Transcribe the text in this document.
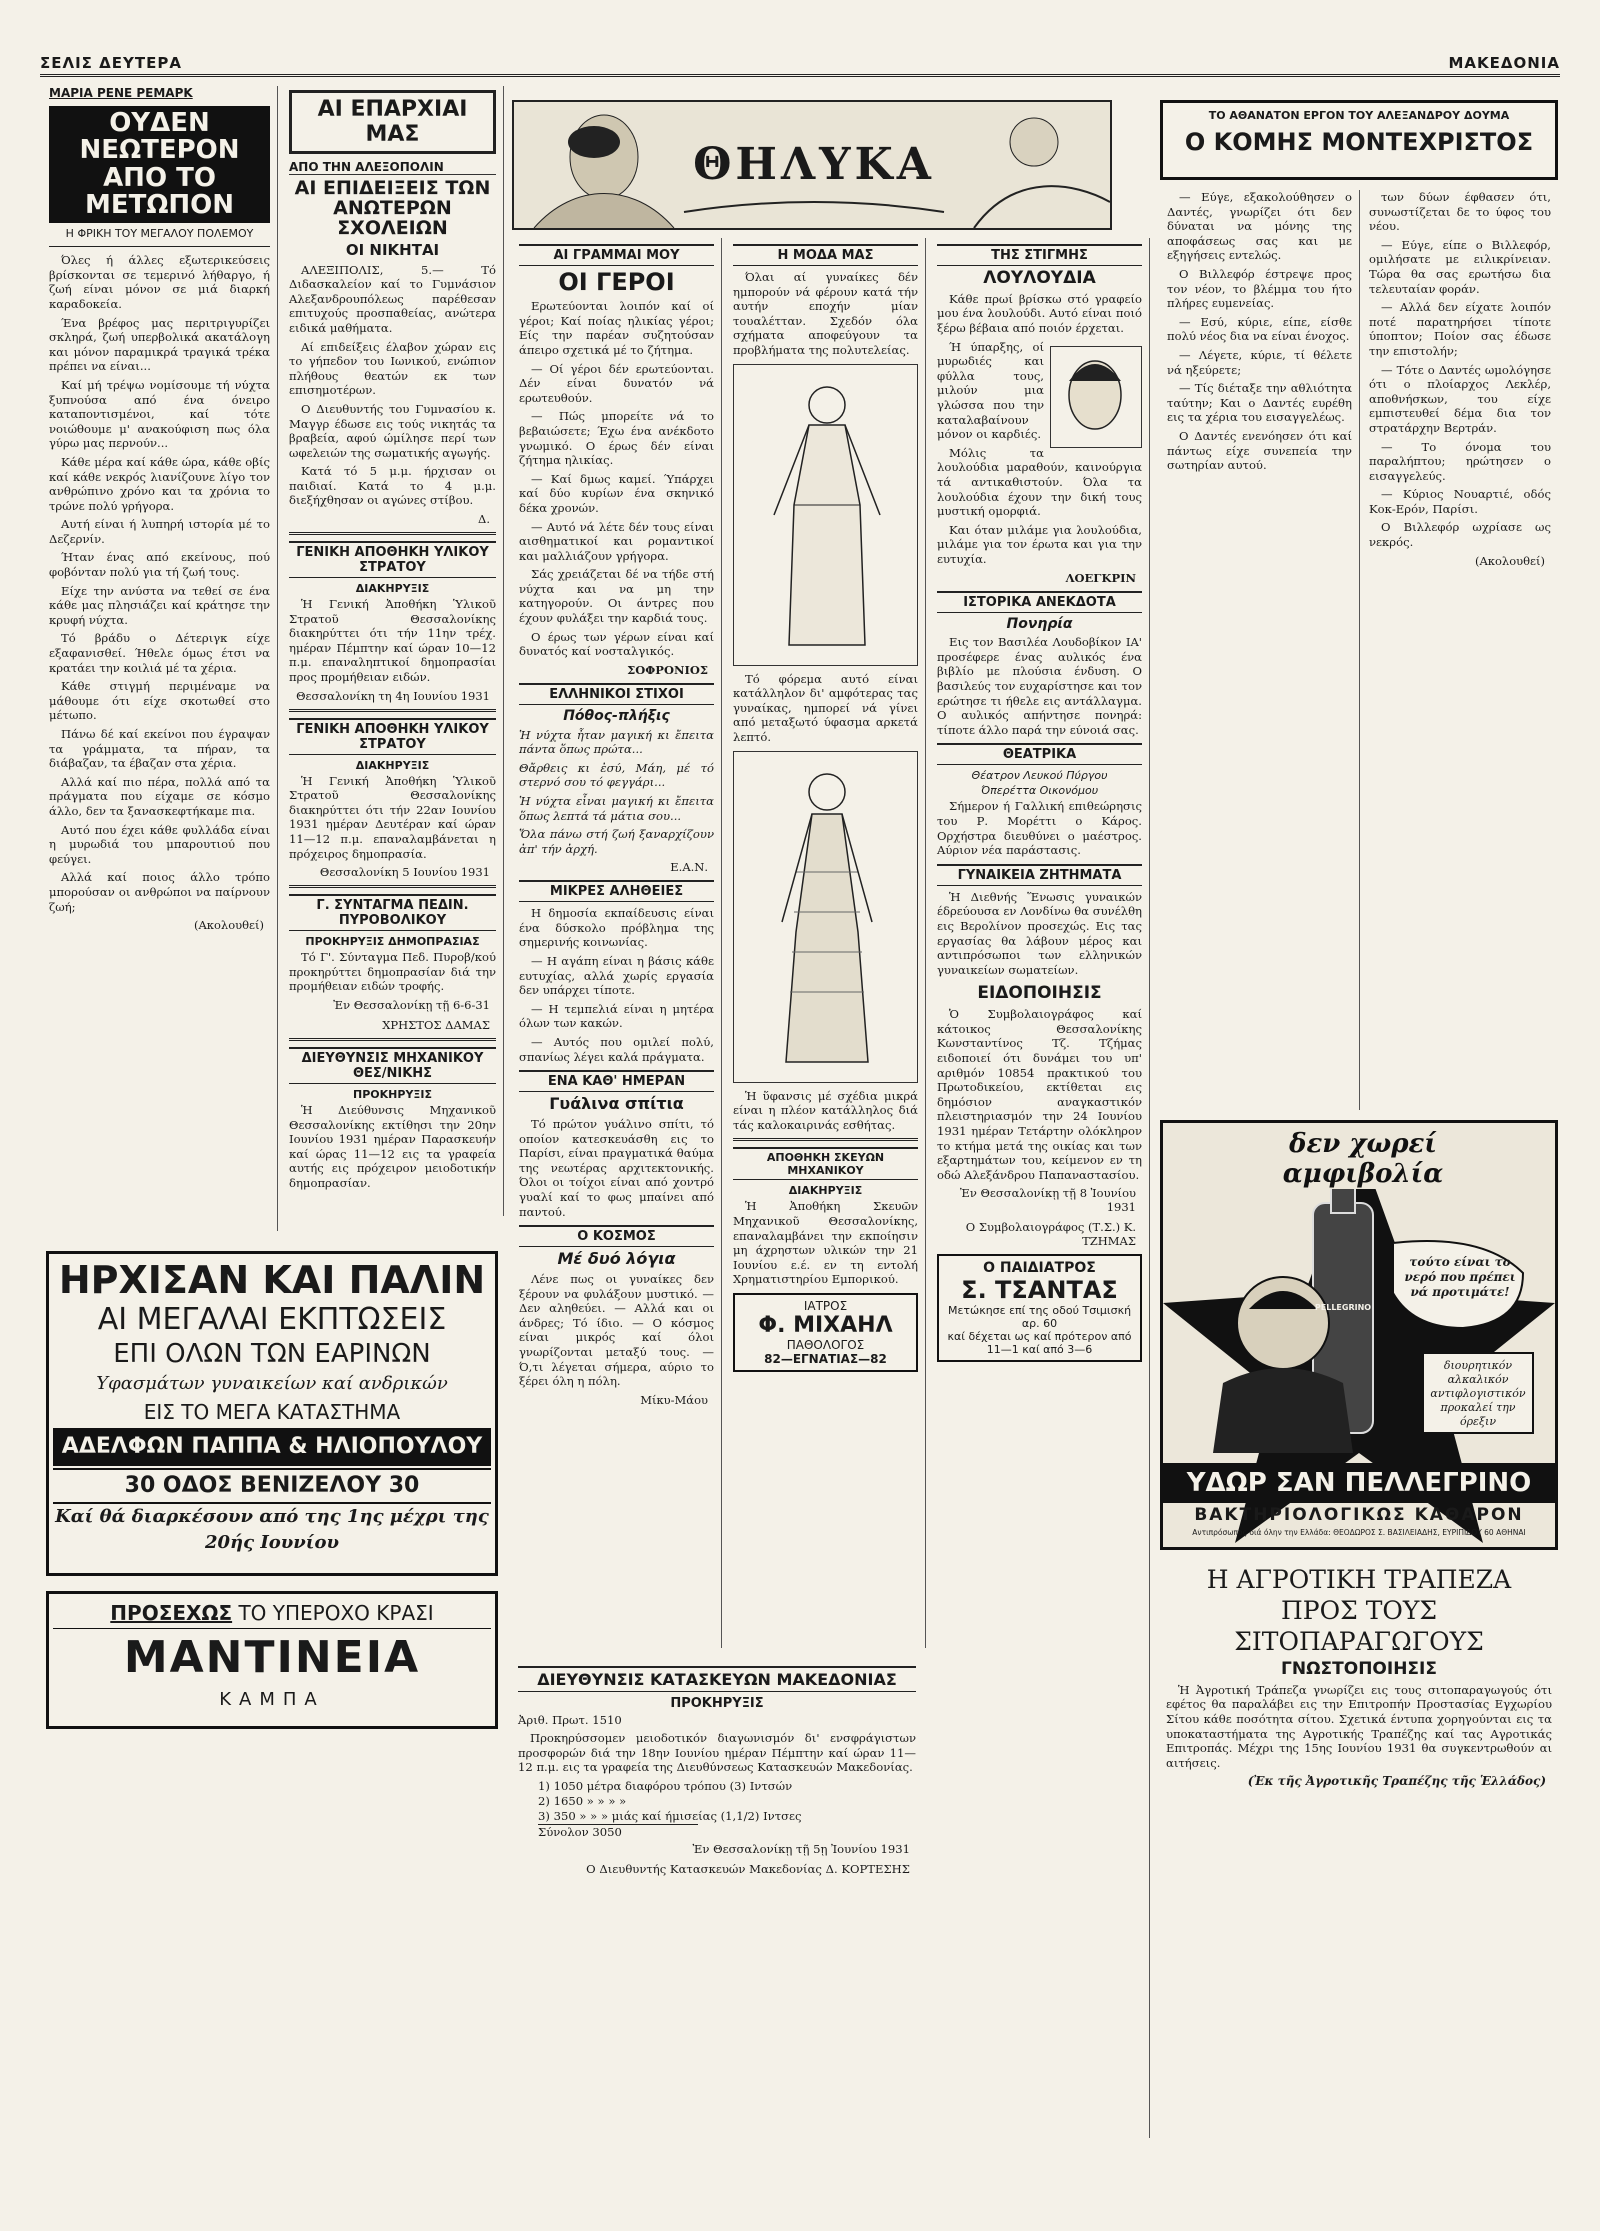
ΣΕΛΙΣ ΔΕΥΤΕΡΑ	ΜΑΚΕΔΟΝΙΑ
ΜΑΡΙΑ ΡΕΝΕ ΡΕΜΑΡΚ
ΟΥΔΕΝ ΝΕΩΤΕΡΟΝ ΑΠΟ ΤΟ ΜΕΤΩΠΟΝ
Η ΦΡΙΚΗ ΤΟΥ ΜΕΓΑΛΟΥ ΠΟΛΕΜΟΥ

Όλες ή άλλες εξωτερικεύσεις βρίσκονται σε τεμερινό λήθαργο, ή ζωή είναι μόνον σε μιά διαρκή καραδοκεία.

Ένα βρέφος μας περιτριγυρίζει σκληρά, ζωή υπερβολικά ακατάλογη και μόνον παραμικρά τραγικά τρέκα πρέπει να είναι...

Καί μή τρέψω νομίσουμε τή νύχτα ξυπνούσα από ένα όνειρο καταποντισμένοι, καί τότε νοιώθουμε μ' ανακούφιση πως όλα γύρω μας περνούν...

Κάθε μέρα καί κάθε ώρα, κάθε οβίς καί κάθε νεκρός λιανίζουνε λίγο τον ανθρώπινο χρόνο και τα χρόνια το τρώνε πολύ γρήγορα.

Αυτή είναι ή λυπηρή ιστορία μέ το Δεζερνίν.

Ήταν ένας από εκείνους, πού φοβόνταν πολύ για τή ζωή τους.

Είχε την ανύστα να τεθεί σε ένα κάθε μας πλησιάζει καί κράτησε την κρυφή νύχτα.

Τό βράδυ ο Δέτεριγκ είχε εξαφανισθεί. Ήθελε όμως έτσι να κρατάει την κοιλιά μέ τα χέρια.

Κάθε στιγμή περιμέναμε να μάθουμε ότι είχε σκοτωθεί στο μέτωπο.

Πάνω δέ καί εκείνοι που έγραψαν τα γράμματα, τα πήραν, τα διάβαζαν, τα έβαζαν στα χέρια.

Αλλά καί πιο πέρα, πολλά από τα πράγματα που είχαμε σε κόσμο άλλο, δεν τα ξανασκεφτήκαμε πια.

Αυτό που έχει κάθε φυλλάδα είναι η μυρωδιά του μπαρουτιού που φεύγει.

Αλλά καί ποιος άλλο τρόπο μπορούσαν οι ανθρώποι να παίρνουν ζωή;

(Ακολουθεί)
ΑΙ ΕΠΑΡΧΙΑΙ ΜΑΣ
ΑΠΟ ΤΗΝ ΑΛΕΞΟΠΟΛΙΝ
ΑΙ ΕΠΙΔΕΙΞΕΙΣ ΤΩΝ ΑΝΩΤΕΡΩΝ ΣΧΟΛΕΙΩΝ
ΟΙ ΝΙΚΗΤΑΙ

ΑΛΕΞΙΠΟΛΙΣ, 5.— Τό Διδασκαλείον καί το Γυμνάσιον Αλεξανδρουπόλεως παρέθεσαν επιτυχούς προσπαθείας, ανώτερα ειδικά μαθήματα.

Αί επιδείξεις έλαβον χώραν εις το γήπεδον του Ιωνικού, ενώπιον πλήθους θεατών εκ των επισημοτέρων.

Ο Διευθυντής του Γυμνασίου κ. Μαγγρ έδωσε εις τούς νικητάς τα βραβεία, αφού ώμίλησε περί των ωφελειών της σωματικής αγωγής.

Κατά τό 5 μ.μ. ήρχισαν οι παιδιαί. Κατά το 4 μ.μ. διεξήχθησαν οι αγώνες στίβου.

Δ.
ΓΕΝΙΚΗ ΑΠΟΘΗΚΗ ΥΛΙΚΟΥ ΣΤΡΑΤΟΥ
ΔΙΑΚΗΡΥΞΙΣ

Ἡ Γενική Ἀποθήκη Ὑλικοῦ Στρατοῦ Θεσσαλονίκης διακηρύττει ότι τήν 11ην τρέχ. ημέραν Πέμπτην καί ώραν 10—12 π.μ. επαναληπτικοί δημοπρασίαι προς προμήθειαν ειδών.

Θεσσαλονίκη τη 4η Ιουνίου 1931
ΓΕΝΙΚΗ ΑΠΟΘΗΚΗ ΥΛΙΚΟΥ ΣΤΡΑΤΟΥ
ΔΙΑΚΗΡΥΞΙΣ

Ἡ Γενική Ἀποθήκη Ὑλικοῦ Στρατοῦ Θεσσαλονίκης διακηρύττει ότι τήν 22αν Ιουνίου 1931 ημέραν Δευτέραν καί ώραν 11—12 π.μ. επαναλαμβάνεται η πρόχειρος δημοπρασία.

Θεσσαλονίκη 5 Ιουνίου 1931
Γ. ΣΥΝΤΑΓΜΑ ΠΕΔΙΝ. ΠΥΡΟΒΟΛΙΚΟΥ
ΠΡΟΚΗΡΥΞΙΣ ΔΗΜΟΠΡΑΣΙΑΣ

Τό Γ'. Σύνταγμα Πεδ. Πυροβ/κού προκηρύττει δημοπρασίαν διά την προμήθειαν ειδών τροφής.

Ἐν Θεσσαλονίκῃ τῇ 6-6-31
ΧΡΗΣΤΟΣ ΔΑΜΑΣ
ΔΙΕΥΘΥΝΣΙΣ ΜΗΧΑΝΙΚΟΥ ΘΕΣ/ΝΙΚΗΣ
ΠΡΟΚΗΡΥΞΙΣ

Ἡ Διεύθυνσις Μηχανικοῦ Θεσσαλονίκης εκτίθησι την 20ην Ιουνίου 1931 ημέραν Παρασκευήν καί ώρας 11—12 εις τα γραφεία αυτής εις πρόχειρον μειοδοτικήν δημοπρασίαν.

ΗΡΧΙΣΑΝ ΚΑΙ ΠΑΛΙΝ
ΑΙ ΜΕΓΑΛΑΙ ΕΚΠΤΩΣΕΙΣ
ΕΠΙ ΟΛΩΝ ΤΩΝ ΕΑΡΙΝΩΝ
Υφασμάτων γυναικείων καί ανδρικών
ΕΙΣ ΤΟ ΜΕΓΑ ΚΑΤΑΣΤΗΜΑ
ΑΔΕΛΦΩΝ ΠΑΠΠΑ & ΗΛΙΟΠΟΥΛΟΥ
30 ΟΔΟΣ ΒΕΝΙΖΕΛΟΥ 30
Καί θά διαρκέσουν από της 1ης μέχρι της 20ής Ιουνίου
ΠΡΟΣΕΧΩΣ ΤΟ ΥΠΕΡΟΧΟ ΚΡΑΣΙ
ΜΑΝΤΙΝΕΙΑ
ΚΑΜΠΑ
ΘΗΛΥΚΑ
ΑΙ ΓΡΑΜΜΑΙ ΜΟΥ
ΟΙ ΓΕΡΟΙ

Ερωτεύονται λοιπόν καί οί γέροι; Καί ποίας ηλικίας γέροι; Είς την παρέαν συζητούσαν άπειρο σχετικά μέ το ζήτημα.

— Οί γέροι δέν ερωτεύονται. Δέν είναι δυνατόν νά ερωτευθούν.

— Πώς μπορείτε νά το βεβαιώσετε; Έχω ένα ανέκδοτο γνωμικό. Ο έρως δέν είναι ζήτημα ηλικίας.

— Καί δμως καμεί. Ύπάρχει καί δύο κυρίων ένα σκηνικό δέκα χρονών.

— Αυτό νά λέτε δέν τους είναι αισθηματικοί και ρομαντικοί και μαλλιάζουν γρήγορα.

Σάς χρειάζεται δέ να τήδε στή νύχτα και να μη την κατηγορούν. Οι άντρες που έχουν φυλάξει την καρδιά τους.

Ο έρως των γέρων είναι καί δυνατός καί νοσταλγικός.

ΣΟΦΡΟΝΙΟΣ
ΕΛΛΗΝΙΚΟΙ ΣΤΙΧΟΙ
Πόθος-πλήξις

Ἡ νύχτα ἦταν μαγική κι ἔπειτα πάντα ὅπως πρώτα...

Θἄρθεις κι ἐσύ, Μάη, μέ τό στερνό σου τό φεγγάρι...

Ἡ νύχτα εἶναι μαγική κι ἔπειτα ὅπως λεπτά τά μάτια σου...

Ὅλα πάνω στή ζωή ξαναρχίζουν ἀπ' τήν ἀρχή.

Ε.Α.Ν.
ΜΙΚΡΕΣ ΑΛΗΘΕΙΕΣ

Η δημοσία εκπαίδευσις είναι ένα δύσκολο πρόβλημα της σημερινής κοινωνίας.

— Η αγάπη είναι η βάσις κάθε ευτυχίας, αλλά χωρίς εργασία δεν υπάρχει τίποτε.

— Η τεμπελιά είναι η μητέρα όλων των κακών.

— Αυτός που ομιλεί πολύ, σπανίως λέγει καλά πράγματα.

ΕΝΑ ΚΑΘ' ΗΜΕΡΑΝ
Γυάλινα σπίτια

Τό πρώτον γυάλινο σπίτι, τό οποίον κατεσκευάσθη εις το Παρίσι, είναι πραγματικά θαύμα της νεωτέρας αρχιτεκτονικής. Όλοι οι τοίχοι είναι από χοντρό γυαλί καί το φως μπαίνει από παντού.

Ο ΚΟΣΜΟΣ
Μέ δυό λόγια

Λένε πως οι γυναίκες δεν ξέρουν να φυλάξουν μυστικό. — Δεν αληθεύει. — Αλλά και οι άνδρες; Τό ίδιο. — Ο κόσμος είναι μικρός καί όλοι γνωρίζονται μεταξύ τους. — Ό,τι λέγεται σήμερα, αύριο το ξέρει όλη η πόλη.

Μίκυ-Μάου
Η ΜΟΔΑ ΜΑΣ

Όλαι αί γυναίκες δέν ημπορούν νά φέρουν κατά τήν αυτήν εποχήν μίαν τουαλέτταν. Σχεδόν όλα σχήματα αποφεύγουν τα προβλήματα της πολυτελείας.

Τό φόρεμα αυτό είναι κατάλληλον δι' αμφότερας τας γυναίκας, ημπορεί νά γίνει από μεταξωτό ύφασμα αρκετά λεπτό.

Ἡ ὕφανσις μέ σχέδια μικρά είναι η πλέον κατάλληλος διά τάς καλοκαιρινάς εσθήτας.

ΑΠΟΘΗΚΗ ΣΚΕΥΩΝ ΜΗΧΑΝΙΚΟΥ
ΔΙΑΚΗΡΥΞΙΣ

Ἡ Ἀποθήκη Σκευῶν Μηχανικοῦ Θεσσαλονίκης, επαναλαμβάνει την εκποίησιν μη άχρηστων υλικών την 21 Ιουνίου ε.έ. εν τη εντολή Χρηματιστηρίου Εμπορικού.

ΙΑΤΡΟΣ
Φ. ΜΙΧΑΗΛ
ΠΑΘΟΛΟΓΟΣ
82—ΕΓΝΑΤΙΑΣ—82
ΤΗΣ ΣΤΙΓΜΗΣ
ΛΟΥΛΟΥΔΙΑ

Κάθε πρωί βρίσκω στό γραφείο μου ένα λουλούδι. Αυτό είναι ποιό ξέρω βέβαια από ποιόν έρχεται.

Ή ύπαρξης, οί μυρωδιές και φύλλα τους, μιλούν μια γλώσσα που την καταλαβαίνουν μόνον οι καρδιές.

Μόλις τα λουλούδια μαραθούν, καινούργια τά αντικαθιστούν. Όλα τα λουλούδια έχουν την δική τους μυστική ομορφιά.

Και όταν μιλάμε για λουλούδια, μιλάμε για τον έρωτα και για την ευτυχία.

ΛΟΕΓΚΡΙΝ
ΙΣΤΟΡΙΚΑ ΑΝΕΚΔΟΤΑ
Πονηρία

Εις τον Βασιλέα Λουδοβίκον ΙΑ' προσέφερε ένας αυλικός ένα βιβλίο με πλούσια ένδυση. Ο βασιλεύς τον ευχαρίστησε και τον ερώτησε τι ήθελε εις αντάλλαγμα. Ο αυλικός απήντησε πονηρά: τίποτε άλλο παρά την εύνοιά σας.

ΘΕΑΤΡΙΚΑ
Θέατρον Λευκού Πύργου
Όπερέττα Οικονόμου

Σήμερον ή Γαλλική επιθεώρησις του Ρ. Μορέττι ο Κάρος. Ορχήστρα διευθύνει ο μαέστρος. Αύριον νέα παράστασις.

ΓΥΝΑΙΚΕΙΑ ΖΗΤΗΜΑΤΑ

Ἡ Διεθνής Ἕνωσις γυναικών έδρεύουσα εν Λονδίνω θα συνέλθη εις Βερολίνον προσεχώς. Εις τας εργασίας θα λάβουν μέρος και αντιπρόσωποι των ελληνικών γυναικείων σωματείων.

ΕΙΔΟΠΟΙΗΣΙΣ

Ὁ Συμβολαιογράφος καί κάτοικος Θεσσαλονίκης Κωνσταντίνος Τζ. Τζήμας ειδοποιεί ότι δυνάμει του υπ' αριθμόν 10854 πρακτικού του Πρωτοδικείου, εκτίθεται εις δημόσιον αναγκαστικόν πλειστηριασμόν την 24 Ιουνίου 1931 ημέραν Τετάρτην ολόκληρον το κτήμα μετά της οικίας και των εξαρτημάτων του, κείμενον εν τη οδώ Αλεξάνδρου Παπαναστασίου.

Ἐν Θεσσαλονίκῃ τῇ 8 Ἰουνίου 1931
Ο Συμβολαιογράφος (Τ.Σ.) Κ. ΤΖΗΜΑΣ
Ο ΠΑΙΔΙΑΤΡΟΣ
Σ. ΤΣΑΝΤΑΣ
Μετώκησε επί της οδού Τσιμισκή αρ. 60
καί δέχεται ως καί πρότερον από 11—1 καί από 3—6
ΔΙΕΥΘΥΝΣΙΣ ΚΑΤΑΣΚΕΥΩΝ ΜΑΚΕΔΟΝΙΑΣ
ΠΡΟΚΗΡΥΞΙΣ
Ἀριθ. Πρωτ. 1510

Προκηρύσσομεν μειοδοτικόν διαγωνισμόν δι' ενσφράγιστων προσφορών διά την 18ην Ιουνίου ημέραν Πέμπτην καί ώραν 11—12 π.μ. εις τα γραφεία της Διευθύνσεως Κατασκευών Μακεδονίας.

1) 1050 μέτρα διαφόρου τρόπου (3) Ιντσών
2) 1650 » » » »
3) 350 » » » μιάς καί ήμισείας (1,1/2) Ιντσες
Σύνολον 3050
Ἐν Θεσσαλονίκῃ τῇ 5ῃ Ἰουνίου 1931
Ο Διευθυντής Κατασκευών Μακεδονίας Δ. ΚΟΡΤΕΣΗΣ
ΤΟ ΑΘΑΝΑΤΟΝ ΕΡΓΟΝ ΤΟΥ ΑΛΕΞΑΝΔΡΟΥ ΔΟΥΜΑ
Ο ΚΟΜΗΣ ΜΟΝΤΕΧΡΙΣΤΟΣ

— Εύγε, εξακολούθησεν ο Δαντές, γνωρίζει ότι δεν δύναται να μόνης της αποφάσεως σας και με εξηγήσεις εντελώς.

Ο Βιλλεφόρ έστρεψε προς τον νέον, το βλέμμα του ήτο πλήρες ευμενείας.

— Εσύ, κύριε, είπε, είσθε πολύ νέος δια να είναι ένοχος.

— Λέγετε, κύριε, τί θέλετε νά ηξεύρετε;

— Τίς διέταξε την αθλιότητα ταύτην; Και ο Δαντές ευρέθη εις τα χέρια του εισαγγελέως.

Ο Δαντές ενενόησεν ότι καί πάντως είχε συνεπεία την σωτηρίαν αυτού.

των δύων έφθασεν ότι, συνωστίζεται δε το ύφος του νέου.

— Εύγε, είπε ο Βιλλεφόρ, ομιλήσατε με ειλικρίνειαν. Τώρα θα σας ερωτήσω δια τελευταίαν φοράν.

— Αλλά δεν είχατε λοιπόν ποτέ παρατηρήσει τίποτε ύποπτον; Ποίον σας έδωσε την επιστολήν;

— Τότε ο Δαντές ωμολόγησε ότι ο πλοίαρχος Λεκλέρ, αποθνήσκων, του είχε εμπιστευθεί δέμα δια τον στρατάρχην Βερτράν.

— Το όνομα του παραλήπτου; ηρώτησεν ο εισαγγελεύς.

— Κύριος Νουαρτιέ, οδός Κοκ-Ερόν, Παρίσι.

Ο Βιλλεφόρ ωχρίασε ως νεκρός.

(Ακολουθεί)
δεν χωρεί αμφιβολία
PELLEGRINO
τούτο είναι το νερό που πρέπει νά προτιμάτε!
διουρητικόν αλκαλικόν αντιφλογιστικόν προκαλεί την όρεξιν
ΥΔΩΡ ΣΑΝ ΠΕΛΛΕΓΡΙΝΟ
ΒΑΚΤΗΡΙΟΛΟΓΙΚΩΣ ΚΑΘΑΡΟΝ
Αντιπρόσωπος διά όλην την Ελλάδα: ΘΕΟΔΩΡΟΣ Σ. ΒΑΣΙΛΕΙΑΔΗΣ, ΕΥΡΙΠΙΔΟΥ 60 ΑΘΗΝΑΙ
Η ΑΓΡΟΤΙΚΗ ΤΡΑΠΕΖΑ ΠΡΟΣ ΤΟΥΣ ΣΙΤΟΠΑΡΑΓΩΓΟΥΣ
ΓΝΩΣΤΟΠΟΙΗΣΙΣ

Ἡ Ἀγροτική Τράπεζα γνωρίζει εις τους σιτοπαραγωγούς ότι εφέτος θα παραλάβει εις την Επιτροπήν Προστασίας Εγχωρίου Σίτου κάθε ποσότητα σίτου. Σχετικά έντυπα χορηγούνται εις τα υποκαταστήματα της Αγροτικής Τραπέζης καί τας Αγροτικάς Επιτροπάς. Μέχρι της 15ης Ιουνίου 1931 θα συγκεντρωθούν αι αιτήσεις.

(Ἐκ τῆς Ἀγροτικῆς Τραπέζης τῆς Ἑλλάδος)
